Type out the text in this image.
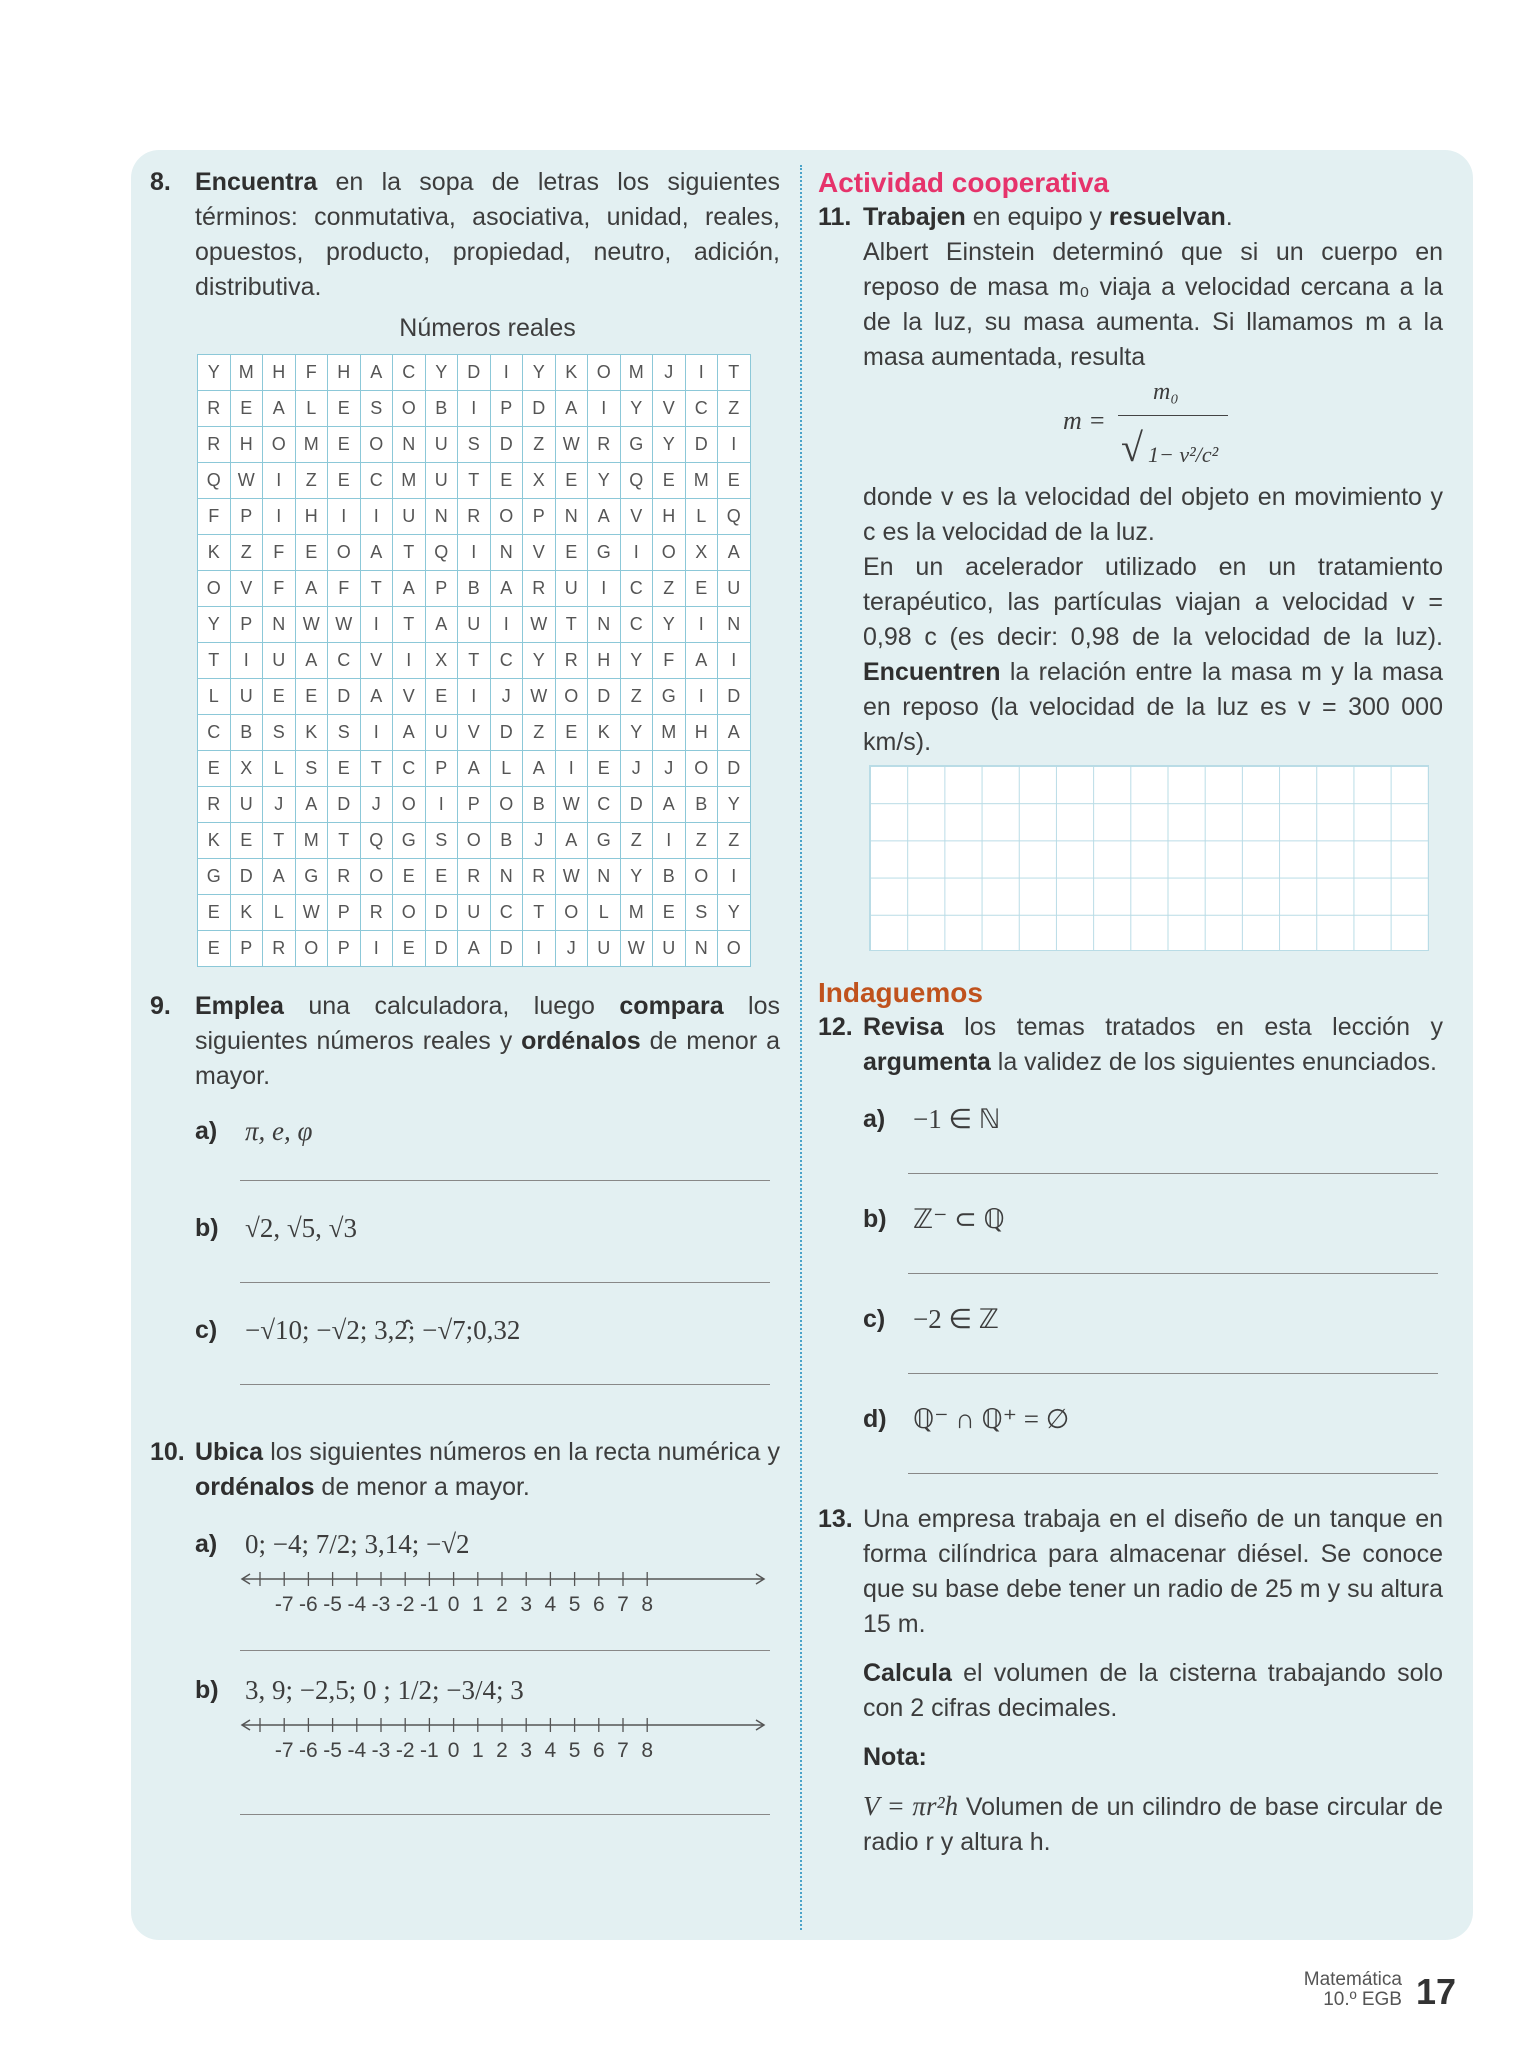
8. Encuentra en la sopa de letras los siguientes términos: conmutativa, asociativa, unidad, reales, opuestos, producto, propiedad, neutro, adición, distributiva.

Números reales

Y	M	H	F	H	A	C	Y	D	I	Y	K	O	M	J	I	T
R	E	A	L	E	S	O	B	I	P	D	A	I	Y	V	C	Z
R	H	O	M	E	O	N	U	S	D	Z	W	R	G	Y	D	I
Q	W	I	Z	E	C	M	U	T	E	X	E	Y	Q	E	M	E
F	P	I	H	I	I	U	N	R	O	P	N	A	V	H	L	Q
K	Z	F	E	O	A	T	Q	I	N	V	E	G	I	O	X	A
O	V	F	A	F	T	A	P	B	A	R	U	I	C	Z	E	U
Y	P	N	W	W	I	T	A	U	I	W	T	N	C	Y	I	N
T	I	U	A	C	V	I	X	T	C	Y	R	H	Y	F	A	I
L	U	E	E	D	A	V	E	I	J	W	O	D	Z	G	I	D
C	B	S	K	S	I	A	U	V	D	Z	E	K	Y	M	H	A
E	X	L	S	E	T	C	P	A	L	A	I	E	J	J	O	D
R	U	J	A	D	J	O	I	P	O	B	W	C	D	A	B	Y
K	E	T	M	T	Q	G	S	O	B	J	A	G	Z	I	Z	Z
G	D	A	G	R	O	E	E	R	N	R	W	N	Y	B	O	I
E	K	L	W	P	R	O	D	U	C	T	O	L	M	E	S	Y
E	P	R	O	P	I	E	D	A	D	I	J	U	W	U	N	O
9. Emplea una calculadora, luego compara los siguientes números reales y ordénalos de menor a mayor.

a) π, e, φ
b) √2, √5, √3
c) −√10; −√2; 3,2̂; −√7;0,32
10. Ubica los siguientes números en la recta numérica y ordénalos de menor a mayor.

a) 0; −4; 7/2; 3,14; −√2
-7 -6 -5 -4 -3 -2 -1 0 1 2 3 4 5 6 7 8
b) 3, 9; −2,5; 0 ; 1/2; −3/4; 3
-7 -6 -5 -4 -3 -2 -1 0 1 2 3 4 5 6 7 8

Actividad cooperativa

11. Trabajen en equipo y resuelvan.

Albert Einstein determinó que si un cuerpo en reposo de masa m₀ viaja a velocidad cercana a la de la luz, su masa aumenta. Si llamamos m a la masa aumentada, resulta

m =
m₀
√ 1− v²/c²

donde v es la velocidad del objeto en movimiento y c es la velocidad de la luz.

En un acelerador utilizado en un tratamiento terapéutico, las partículas viajan a velocidad v = 0,98 c (es decir: 0,98 de la velocidad de la luz). Encuentren la relación entre la masa m y la masa en reposo (la velocidad de la luz es v = 300 000 km/s).

Indaguemos

12. Revisa los temas tratados en esta lección y argumenta la validez de los siguientes enunciados.

a) −1 ∈ ℕ
b) ℤ⁻ ⊂ ℚ
c) −2 ∈ ℤ
d) ℚ⁻ ∩ ℚ⁺ = ∅
13. Una empresa trabaja en el diseño de un tanque en forma cilíndrica para almacenar diésel. Se conoce que su base debe tener un radio de 25 m y su altura 15 m.

Calcula el volumen de la cisterna trabajando solo con 2 cifras decimales.

Nota:

V = πr²h Volumen de un cilindro de base circular de radio r y altura h.

Matemática
10.º EGB 17
